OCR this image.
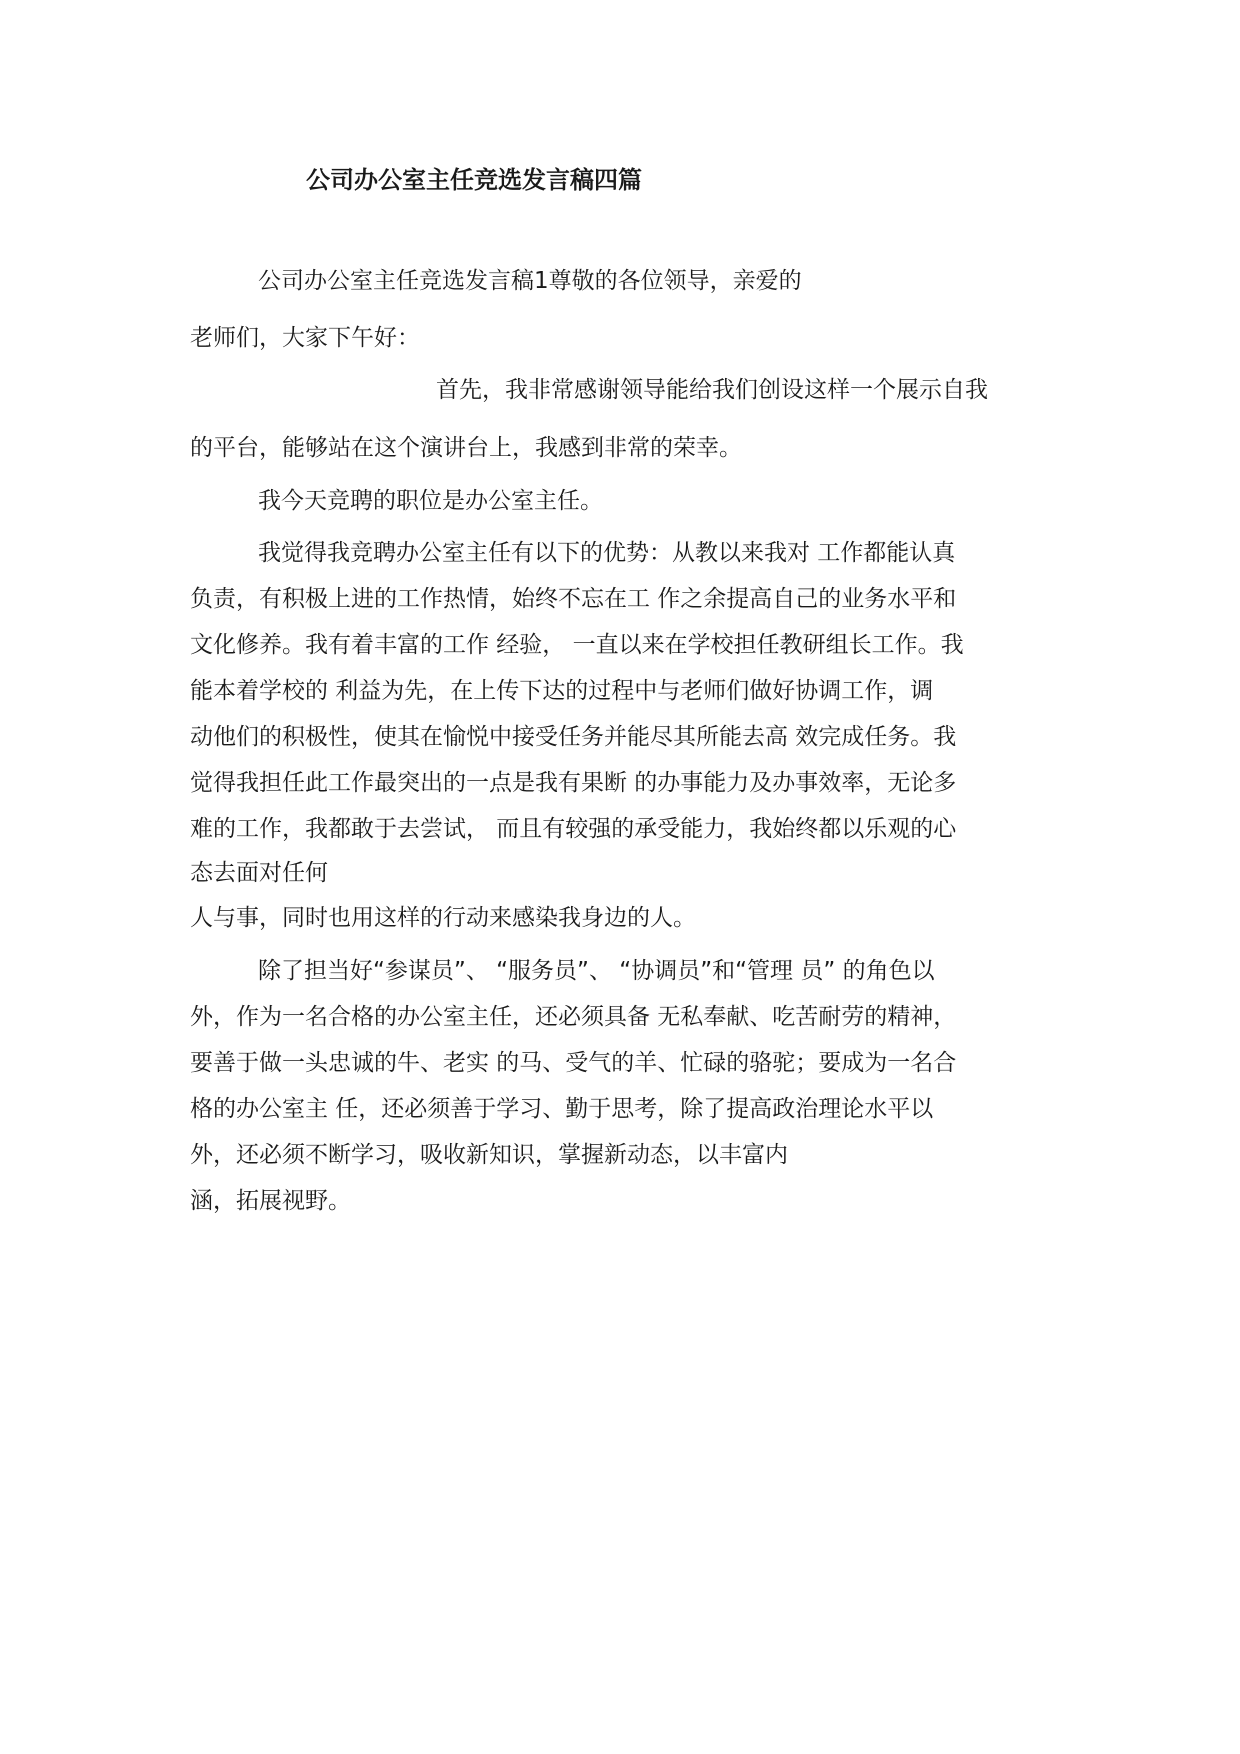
公司办公室主任竞选发言稿四篇
公司办公室主任竞选发言稿1尊敬的各位领导，亲爱的
老师们，大家下午好：
首先，我非常感谢领导能给我们创设这样一个展示自我
的平台，能够站在这个演讲台上，我感到非常的荣幸。
我今天竞聘的职位是办公室主任。
我觉得我竞聘办公室主任有以下的优势：从教以来我对 工作都能认真
负责，有积极上进的工作热情，始终不忘在工 作之余提高自己的业务水平和
文化修养。我有着丰富的工作 经验， 一直以来在学校担任教研组长工作。我
能本着学校的 利益为先，在上传下达的过程中与老师们做好协调工作，调
动他们的积极性，使其在愉悦中接受任务并能尽其所能去高 效完成任务。我
觉得我担任此工作最突出的一点是我有果断 的办事能力及办事效率，无论多
难的工作，我都敢于去尝试， 而且有较强的承受能力，我始终都以乐观的心
态去面对任何
人与事，同时也用这样的行动来感染我身边的人。
除了担当好“参谋员”、 “服务员”、 “协调员”和“管理 员” 的角色以
外，作为一名合格的办公室主任，还必须具备 无私奉献、吃苦耐劳的精神，
要善于做一头忠诚的牛、老实 的马、受气的羊、忙碌的骆驼；要成为一名合
格的办公室主 任，还必须善于学习、勤于思考，除了提高政治理论水平以
外，还必须不断学习，吸收新知识，掌握新动态，以丰富内
涵，拓展视野。
